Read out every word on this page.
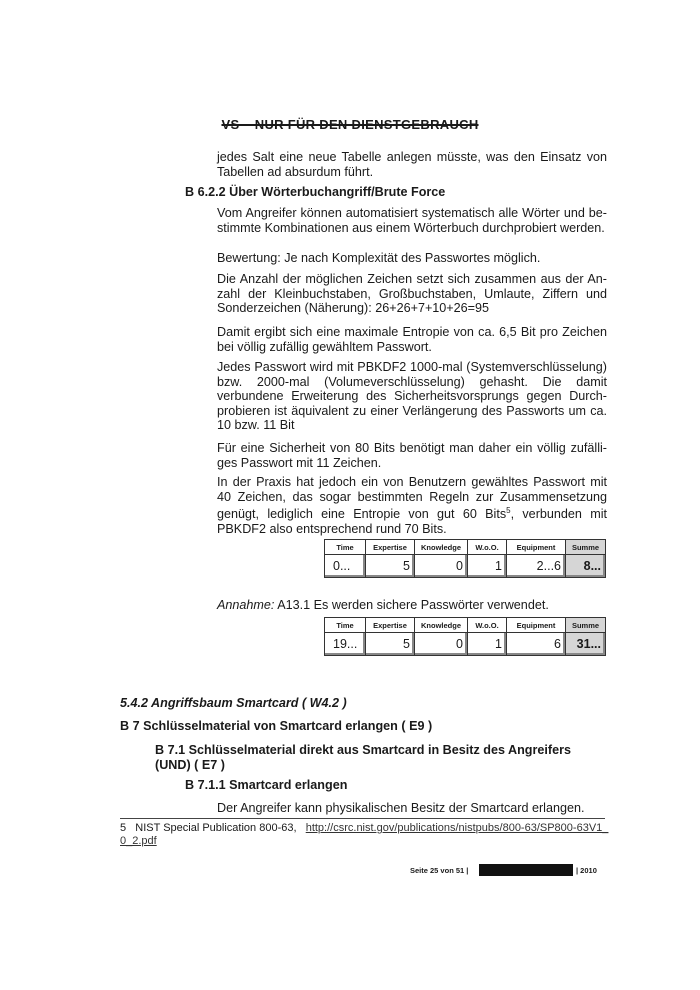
VS – NUR FÜR DEN DIENSTGEBRAUCH
jedes Salt eine neue Tabelle anlegen müsste, was den Einsatz von Tabellen ad absurdum führt.
B 6.2.2 Über Wörterbuchangriff/Brute Force
Vom Angreifer können automatisiert systematisch alle Wörter und bestimmte Kombinationen aus einem Wörterbuch durchprobiert werden.
Bewertung: Je nach Komplexität des Passwortes möglich.
Die Anzahl der möglichen Zeichen setzt sich zusammen aus der Anzahl der Kleinbuchstaben, Großbuchstaben, Umlaute, Ziffern und Sonderzeichen (Näherung): 26+26+7+10+26=95
Damit ergibt sich eine maximale Entropie von ca. 6,5 Bit pro Zeichen bei völlig zufällig gewähltem Passwort.
Jedes Passwort wird mit PBKDF2 1000-mal (Systemverschlüsselung) bzw. 2000-mal (Volumeverschlüsselung) gehasht. Die damit verbundene Erweiterung des Sicherheitsvorsprungs gegen Durchprobieren ist äquivalent zu einer Verlängerung des Passworts um ca. 10 bzw. 11 Bit
Für eine Sicherheit von 80 Bits benötigt man daher ein völlig zufälliges Passwort mit 11 Zeichen.
In der Praxis hat jedoch ein von Benutzern gewähltes Passwort mit 40 Zeichen, das sogar bestimmten Regeln zur Zusammensetzung genügt, lediglich eine Entropie von gut 60 Bits$^5$, verbunden mit PBKDF2 also entsprechend rund 70 Bits.
Time	Expertise	Knowledge	W.o.O.	Equipment	Summe
0...	5	0	1	2...6	8...
Annahme: A13.1 Es werden sichere Passwörter verwendet.
Time	Expertise	Knowledge	W.o.O.	Equipment	Summe
19...	5	0	1	6	31...
5.4.2 Angriffsbaum Smartcard ( W4.2 )
B 7 Schlüsselmaterial von Smartcard erlangen ( E9 )
B 7.1 Schlüsselmaterial direkt aus Smartcard in Besitz des Angreifers (UND) ( E7 )
B 7.1.1 Smartcard erlangen
Der Angreifer kann physikalischen Besitz der Smartcard erlangen.
5 NIST Special Publication 800-63,   http://csrc.nist.gov/publications/nistpubs/800-63/SP800-63V1_0_2.pdf
Seite 25 von 51 |	| 2010
